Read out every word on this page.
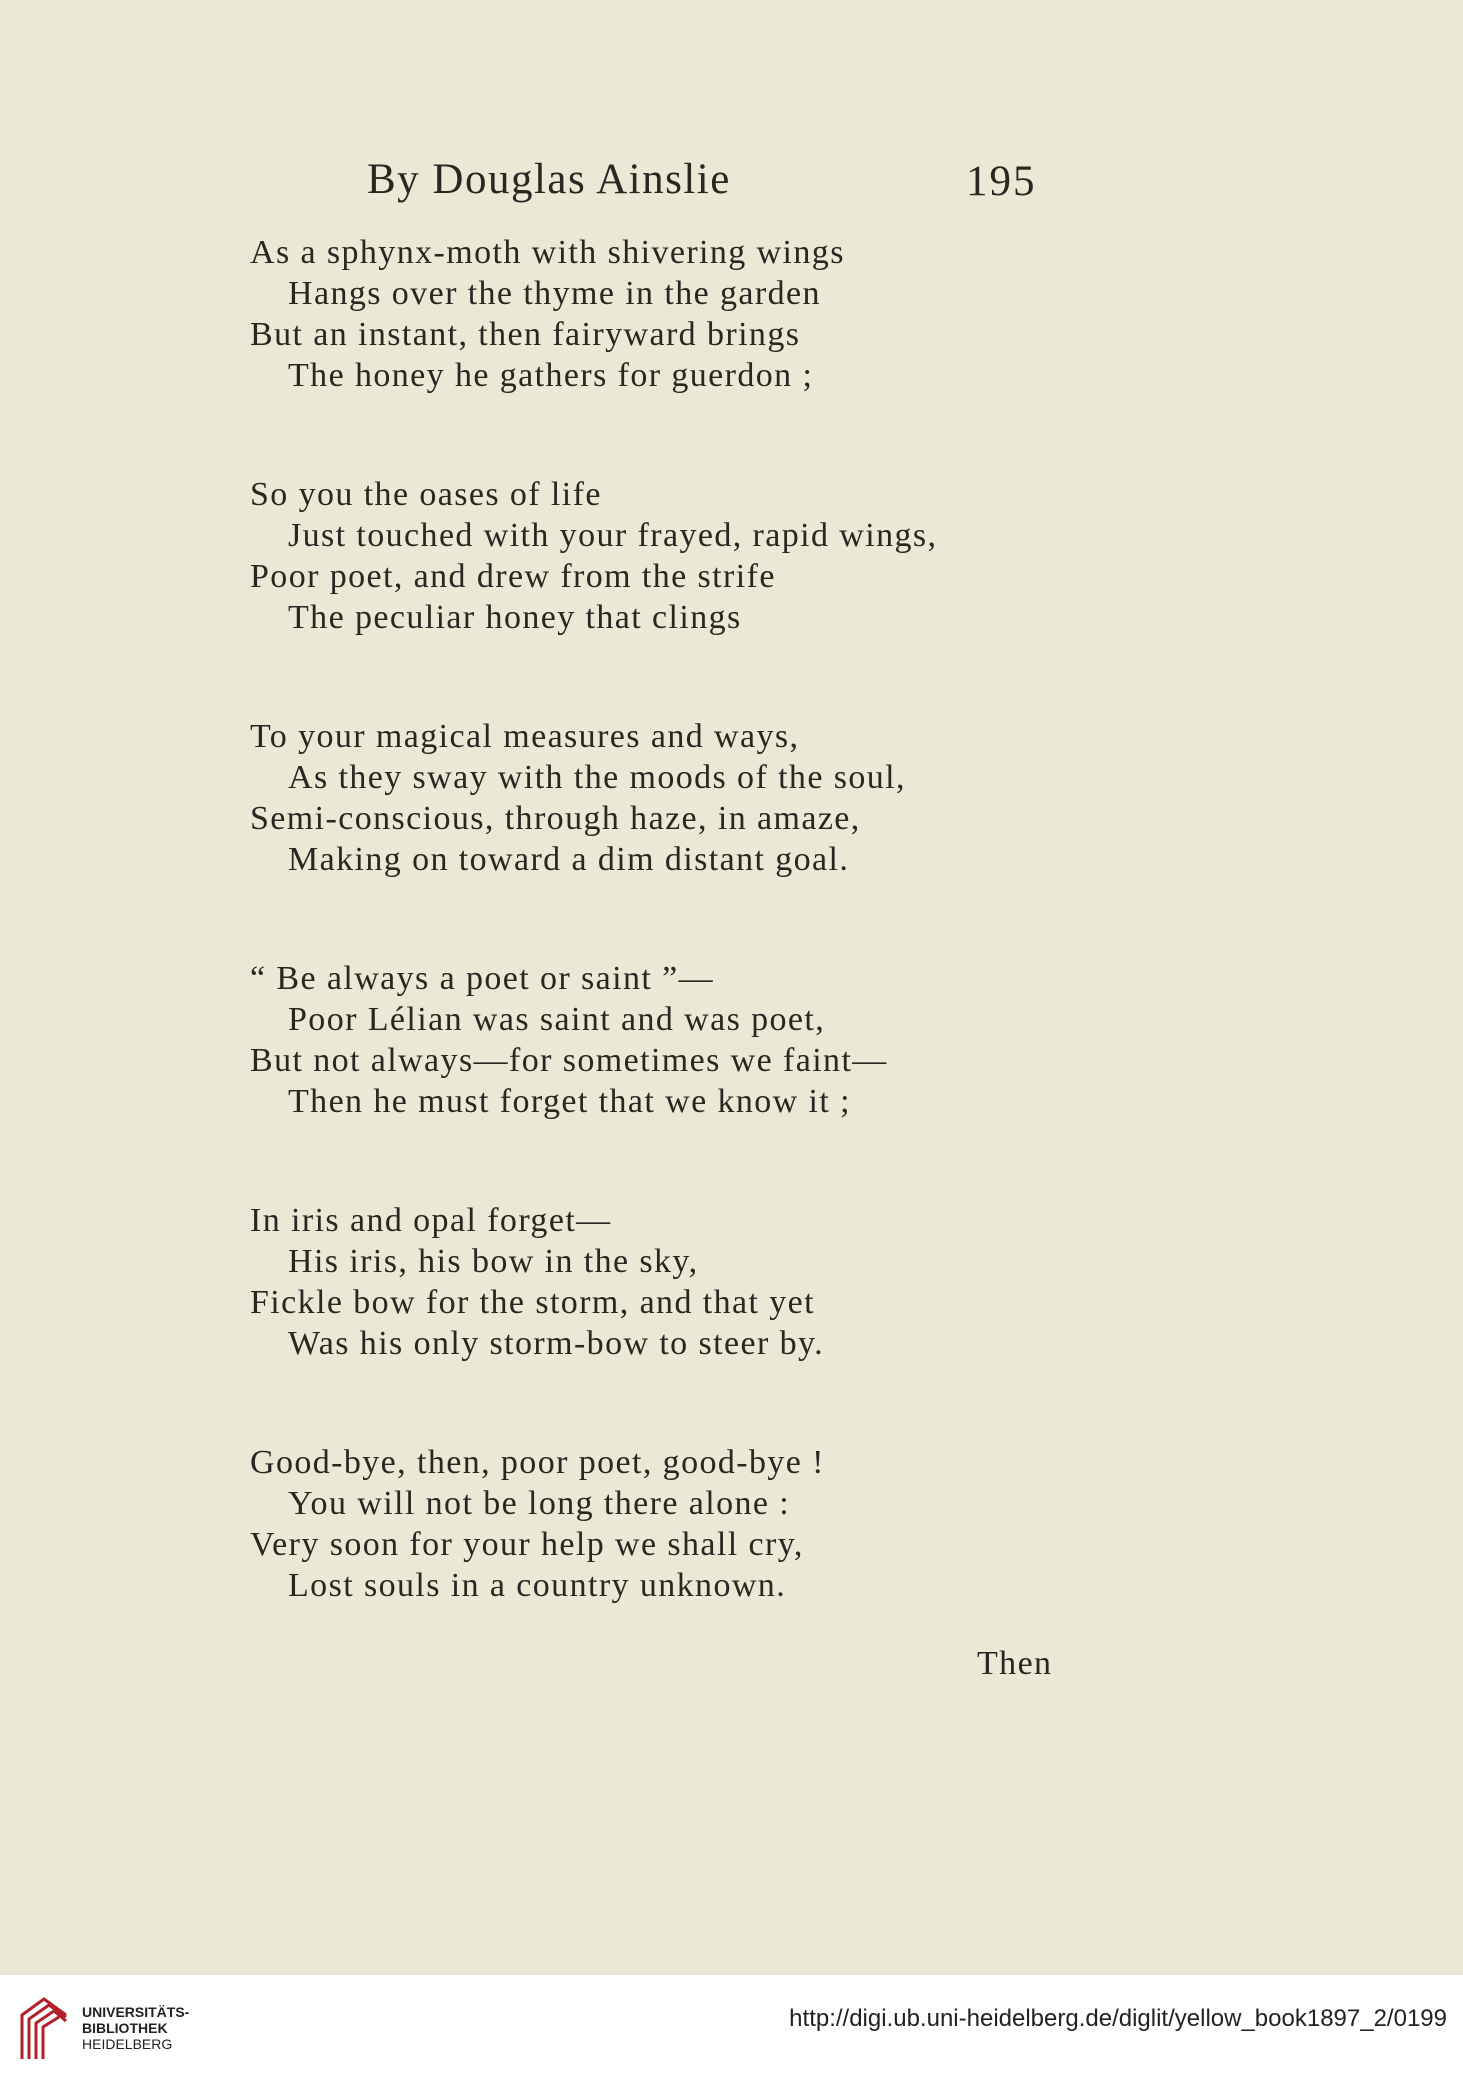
By Douglas Ainslie	195
As a sphynx-moth with shivering wings
Hangs over the thyme in the garden
But an instant, then fairyward brings
The honey he gathers for guerdon ;
So you the oases of life
Just touched with your frayed, rapid wings,
Poor poet, and drew from the strife
The peculiar honey that clings
To your magical measures and ways,
As they sway with the moods of the soul,
Semi-conscious, through haze, in amaze,
Making on toward a dim distant goal.
“ Be always a poet or saint ”—
Poor Lélian was saint and was poet,
But not always—for sometimes we faint—
Then he must forget that we know it ;
In iris and opal forget—
His iris, his bow in the sky,
Fickle bow for the storm, and that yet
Was his only storm-bow to steer by.
Good-bye, then, poor poet, good-bye !
You will not be long there alone :
Very soon for your help we shall cry,
Lost souls in a country unknown.
Then
UNIVERSITÄTS-
BIBLIOTHEK
HEIDELBERG
http://digi.ub.uni-heidelberg.de/diglit/yellow_book1897_2/0199
